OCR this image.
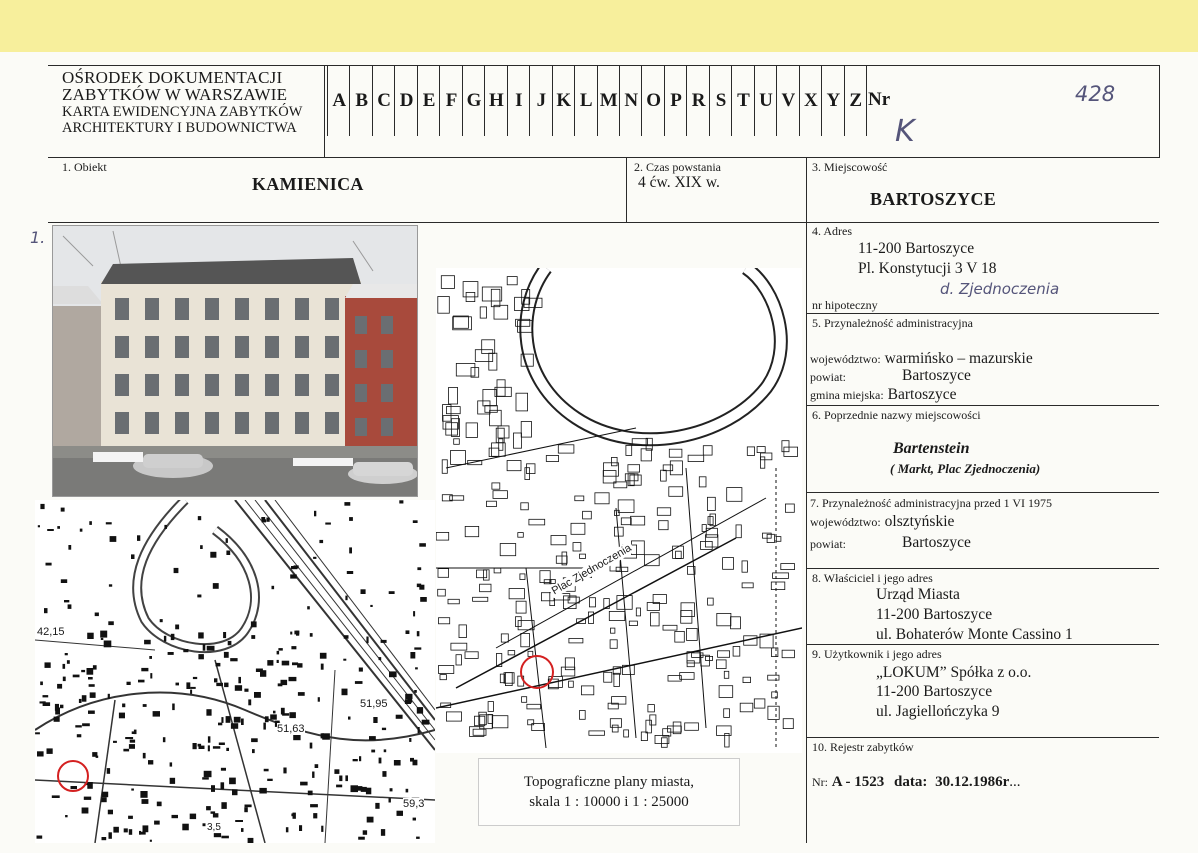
OŚRODEK DOKUMENTACJI
ZABYTKÓW W WARSZAWIE
KARTA EWIDENCYJNA ZABYTKÓW
ARCHITEKTURY I BUDOWNICTWA
A B C D E F G H I J K L M N O P R S T U V X Y Z Nr	428
K
1. Obiekt
KAMIENICA
2. Czas powstania
4 ćw. XIX w.
3. Miejscowość
BARTOSZYCE
4. Adres
11-200 Bartoszyce
Pl. Konstytucji 3 V 18
d. Zjednoczenia
nr hipoteczny
5. Przynależność administracyjna
województwo: warmińsko – mazurskie
powiat:	Bartoszyce
gmina miejska: Bartoszyce
6. Poprzednie nazwy miejscowości
Bartenstein
( Markt, Plac Zjednoczenia)
7. Przynależność administracyjna przed 1 VI 1975
województwo: olsztyńskie
powiat:	Bartoszyce
8. Właściciel i jego adres
Urząd Miasta
11-200 Bartoszyce
ul. Bohaterów Monte Cassino 1
9. Użytkownik i jego adres
„LOKUM” Spółka z o.o.
11-200 Bartoszyce
ul. Jagiellończyka 9
10. Rejestr zabytków
Nr: A - 1523 data: 30.12.1986r...
1.
42,15
51,95
51,63
59,3
3,5
Plac Zjednoczenia
Topograficzne plany miasta,
skala 1 : 10000 i 1 : 25000
